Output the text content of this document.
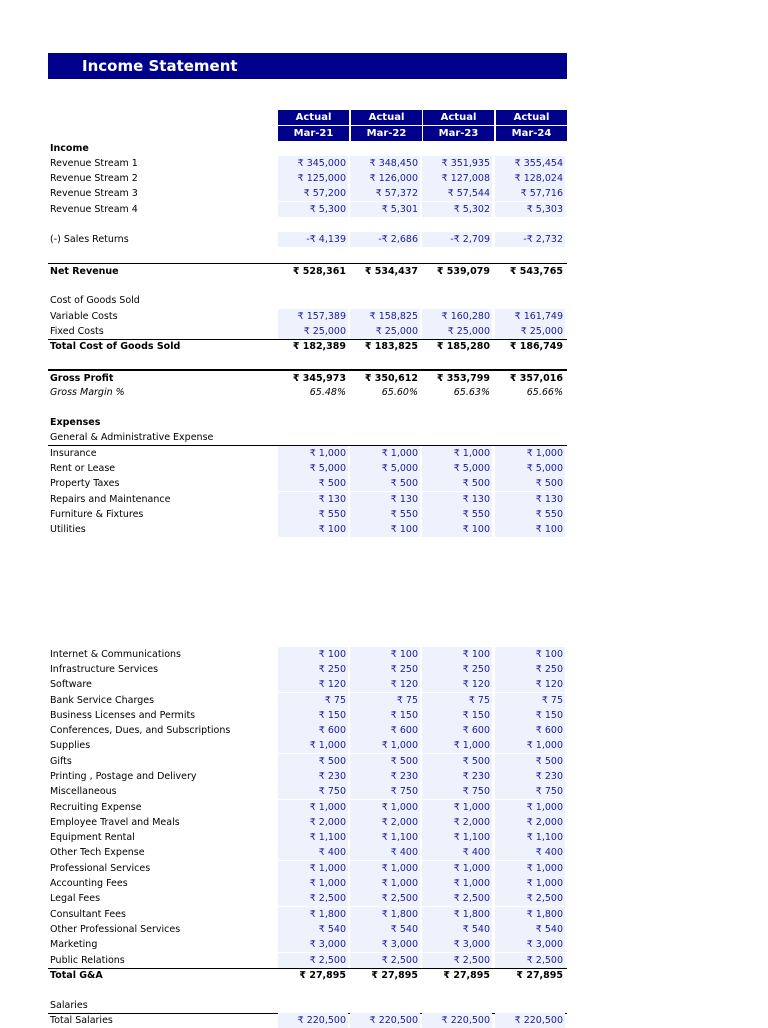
Income Statement
Actual	Actual	Actual	Actual
Mar-21	Mar-22	Mar-23	Mar-24
Income
Revenue Stream 1	₹ 345,000	₹ 348,450	₹ 351,935	₹ 355,454
Revenue Stream 2	₹ 125,000	₹ 126,000	₹ 127,008	₹ 128,024
Revenue Stream 3	₹ 57,200	₹ 57,372	₹ 57,544	₹ 57,716
Revenue Stream 4	₹ 5,300	₹ 5,301	₹ 5,302	₹ 5,303
(-) Sales Returns	-₹ 4,139	-₹ 2,686	-₹ 2,709	-₹ 2,732
Net Revenue	₹ 528,361	₹ 534,437	₹ 539,079	₹ 543,765
Cost of Goods Sold
Variable Costs	₹ 157,389	₹ 158,825	₹ 160,280	₹ 161,749
Fixed Costs	₹ 25,000	₹ 25,000	₹ 25,000	₹ 25,000
Total Cost of Goods Sold	₹ 182,389	₹ 183,825	₹ 185,280	₹ 186,749
Gross Profit	₹ 345,973	₹ 350,612	₹ 353,799	₹ 357,016
Gross Margin %	65.48%	65.60%	65.63%	65.66%
Expenses
General & Administrative Expense
Insurance	₹ 1,000	₹ 1,000	₹ 1,000	₹ 1,000
Rent or Lease	₹ 5,000	₹ 5,000	₹ 5,000	₹ 5,000
Property Taxes	₹ 500	₹ 500	₹ 500	₹ 500
Repairs and Maintenance	₹ 130	₹ 130	₹ 130	₹ 130
Furniture & Fixtures	₹ 550	₹ 550	₹ 550	₹ 550
Utilities	₹ 100	₹ 100	₹ 100	₹ 100
Internet & Communications	₹ 100	₹ 100	₹ 100	₹ 100
Infrastructure Services	₹ 250	₹ 250	₹ 250	₹ 250
Software	₹ 120	₹ 120	₹ 120	₹ 120
Bank Service Charges	₹ 75	₹ 75	₹ 75	₹ 75
Business Licenses and Permits	₹ 150	₹ 150	₹ 150	₹ 150
Conferences, Dues, and Subscriptions	₹ 600	₹ 600	₹ 600	₹ 600
Supplies	₹ 1,000	₹ 1,000	₹ 1,000	₹ 1,000
Gifts	₹ 500	₹ 500	₹ 500	₹ 500
Printing , Postage and Delivery	₹ 230	₹ 230	₹ 230	₹ 230
Miscellaneous	₹ 750	₹ 750	₹ 750	₹ 750
Recruiting Expense	₹ 1,000	₹ 1,000	₹ 1,000	₹ 1,000
Employee Travel and Meals	₹ 2,000	₹ 2,000	₹ 2,000	₹ 2,000
Equipment Rental	₹ 1,100	₹ 1,100	₹ 1,100	₹ 1,100
Other Tech Expense	₹ 400	₹ 400	₹ 400	₹ 400
Professional Services	₹ 1,000	₹ 1,000	₹ 1,000	₹ 1,000
Accounting Fees	₹ 1,000	₹ 1,000	₹ 1,000	₹ 1,000
Legal Fees	₹ 2,500	₹ 2,500	₹ 2,500	₹ 2,500
Consultant Fees	₹ 1,800	₹ 1,800	₹ 1,800	₹ 1,800
Other Professional Services	₹ 540	₹ 540	₹ 540	₹ 540
Marketing	₹ 3,000	₹ 3,000	₹ 3,000	₹ 3,000
Public Relations	₹ 2,500	₹ 2,500	₹ 2,500	₹ 2,500
Total G&A	₹ 27,895	₹ 27,895	₹ 27,895	₹ 27,895
Salaries
Total Salaries	₹ 220,500	₹ 220,500	₹ 220,500	₹ 220,500
